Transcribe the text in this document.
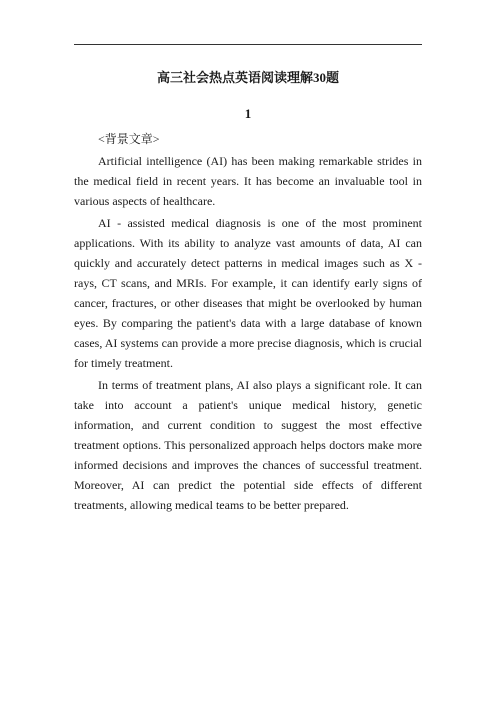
高三社会热点英语阅读理解30题
1

<背景文章>

Artificial intelligence (AI) has been making remarkable strides in the medical field in recent years. It has become an invaluable tool in various aspects of healthcare.

AI - assisted medical diagnosis is one of the most prominent applications. With its ability to analyze vast amounts of data, AI can quickly and accurately detect patterns in medical images such as X - rays, CT scans, and MRIs. For example, it can identify early signs of cancer, fractures, or other diseases that might be overlooked by human eyes. By comparing the patient's data with a large database of known cases, AI systems can provide a more precise diagnosis, which is crucial for timely treatment.

In terms of treatment plans, AI also plays a significant role. It can take into account a patient's unique medical history, genetic information, and current condition to suggest the most effective treatment options. This personalized approach helps doctors make more informed decisions and improves the chances of successful treatment. Moreover, AI can predict the potential side effects of different treatments, allowing medical teams to be better prepared.
